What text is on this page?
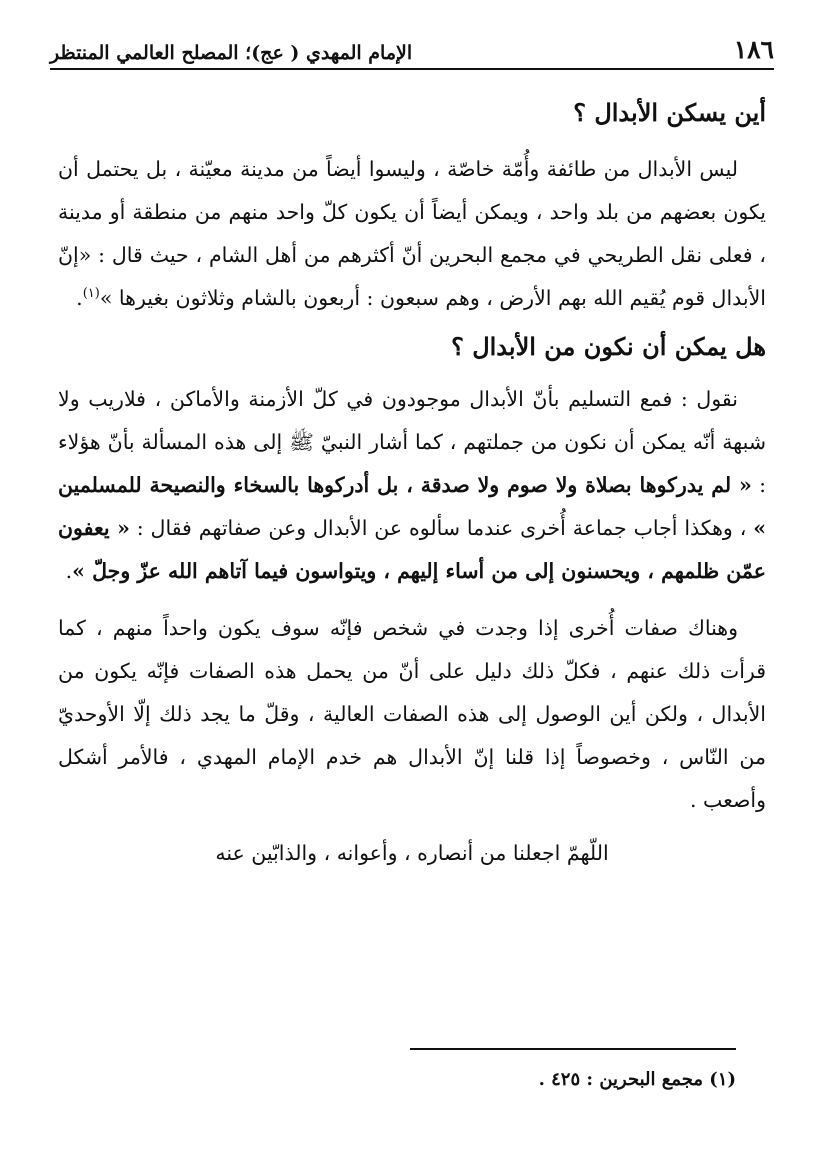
١٨٦
الإمام المهدي ( عج)؛ المصلح العالمي المنتظر
أين يسكن الأبدال ؟

ليس الأبدال من طائفة وأُمّة خاصّة ، وليسوا أيضاً من مدينة معيّنة ، بل يحتمل أن يكون بعضهم من بلد واحد ، ويمكن أيضاً أن يكون كلّ واحد منهم من منطقة أو مدينة ، فعلى نقل الطريحي في مجمع البحرين أنّ أكثرهم من أهل الشام ، حيث قال : «إنّ الأبدال قوم يُقيم الله بهم الأرض ، وهم سبعون : أربعون بالشام وثلاثون بغيرها »$^{(١)}$.

هل يمكن أن نكون من الأبدال ؟

نقول : فمع التسليم بأنّ الأبدال موجودون في كلّ الأزمنة والأماكن ، فلاريب ولا شبهة أنّه يمكن أن نكون من جملتهم ، كما أشار النبيّ ﷺ إلى هذه المسألة بأنّ هؤلاء : « لم يدركوها بصلاة ولا صوم ولا صدقة ، بل أدركوها بالسخاء والنصيحة للمسلمين » ، وهكذا أجاب جماعة أُخرى عندما سألوه عن الأبدال وعن صفاتهم فقال : « يعفون عمّن ظلمهم ، ويحسنون إلى من أساء إليهم ، ويتواسون فيما آتاهم الله عزّ وجلّ ».

وهناك صفات أُخرى إذا وجدت في شخص فإنّه سوف يكون واحداً منهم ، كما قرأت ذلك عنهم ، فكلّ ذلك دليل على أنّ من يحمل هذه الصفات فإنّه يكون من الأبدال ، ولكن أين الوصول إلى هذه الصفات العالية ، وقلّ ما يجد ذلك إلّا الأوحديّ من النّاس ، وخصوصاً إذا قلنا إنّ الأبدال هم خدم الإمام المهدي ، فالأمر أشكل وأصعب .

اللّهمّ اجعلنا من أنصاره ، وأعوانه ، والذابّين عنه
(١) مجمع البحرين : ٤٢٥ .
